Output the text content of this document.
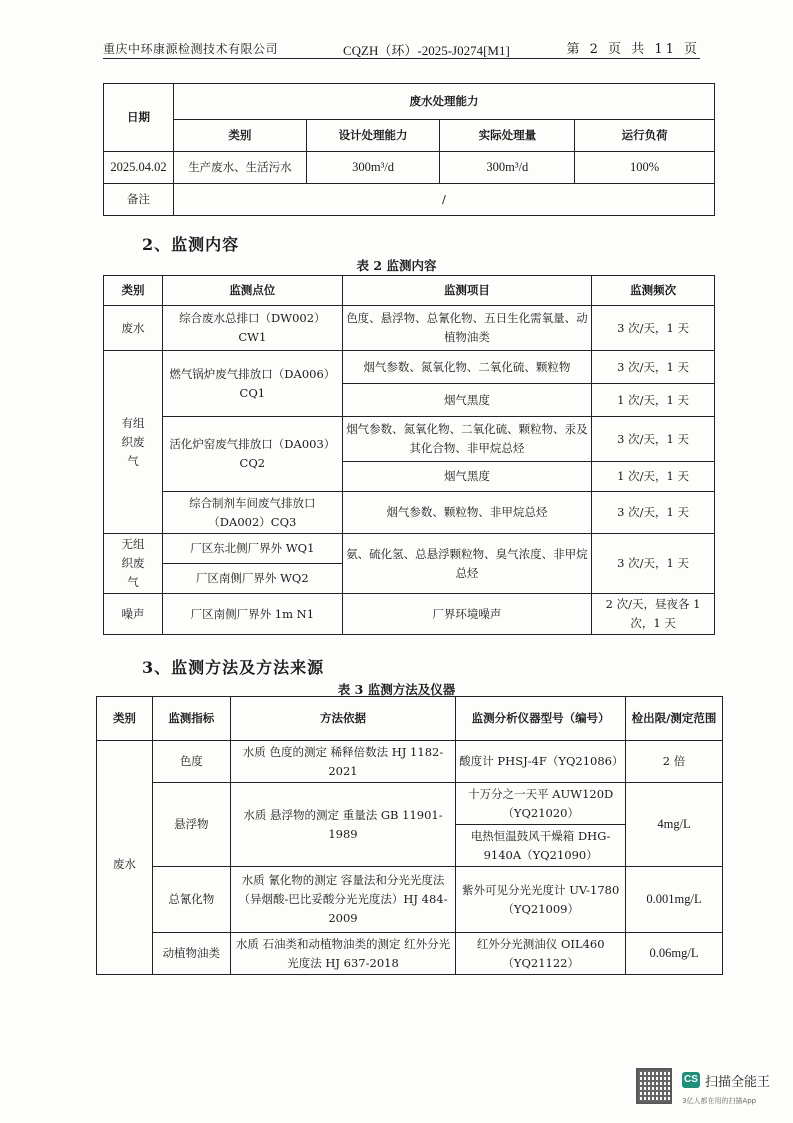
重庆中环康源检测技术有限公司	CQZH（环）-2025-J0274[M1]	第 2 页 共 11 页
日期	废水处理能力			
	类别	设计处理能力	实际处理量	运行负荷
2025.04.02	生产废水、生活污水	300m³/d	300m³/d	100%
备注	/			
2、监测内容
表 2 监测内容
类别	监测点位	监测项目	监测频次
废水	综合废水总排口（DW002）CW1	色度、悬浮物、总氰化物、五日生化需氧量、动植物油类	3 次/天，1 天
有组织废气	燃气锅炉废气排放口（DA006）CQ1	烟气参数、氮氧化物、二氧化硫、颗粒物	3 次/天，1 天
		烟气黑度	1 次/天，1 天
	活化炉窑废气排放口（DA003）CQ2	烟气参数、氮氧化物、二氧化硫、颗粒物、汞及其化合物、非甲烷总烃	3 次/天，1 天
		烟气黑度	1 次/天，1 天
	综合制剂车间废气排放口（DA002）CQ3	烟气参数、颗粒物、非甲烷总烃	3 次/天，1 天
无组织废气	厂区东北侧厂界外 WQ1	氨、硫化氢、总悬浮颗粒物、臭气浓度、非甲烷总烃	3 次/天，1 天
	厂区南侧厂界外 WQ2		
噪声	厂区南侧厂界外 1m N1	厂界环境噪声	2 次/天，昼夜各 1 次，1 天
3、监测方法及方法来源
表 3 监测方法及仪器
类别	监测指标	方法依据	监测分析仪器型号（编号）	检出限/测定范围
废水	色度	水质 色度的测定 稀释倍数法 HJ 1182-2021	酸度计 PHSJ-4F（YQ21086）	2 倍
	悬浮物	水质 悬浮物的测定 重量法 GB 11901-1989	十万分之一天平 AUW120D（YQ21020）	4mg/L
			电热恒温鼓风干燥箱 DHG-9140A（YQ21090）	
	总氰化物	水质 氰化物的测定 容量法和分光光度法（异烟酸-巴比妥酸分光光度法）HJ 484-2009	紫外可见分光光度计 UV-1780（YQ21009）	0.001mg/L
	动植物油类	水质 石油类和动植物油类的测定 红外分光光度法 HJ 637-2018	红外分光测油仪 OIL460（YQ21122）	0.06mg/L
CS 扫描全能王
3亿人都在用的扫描App
